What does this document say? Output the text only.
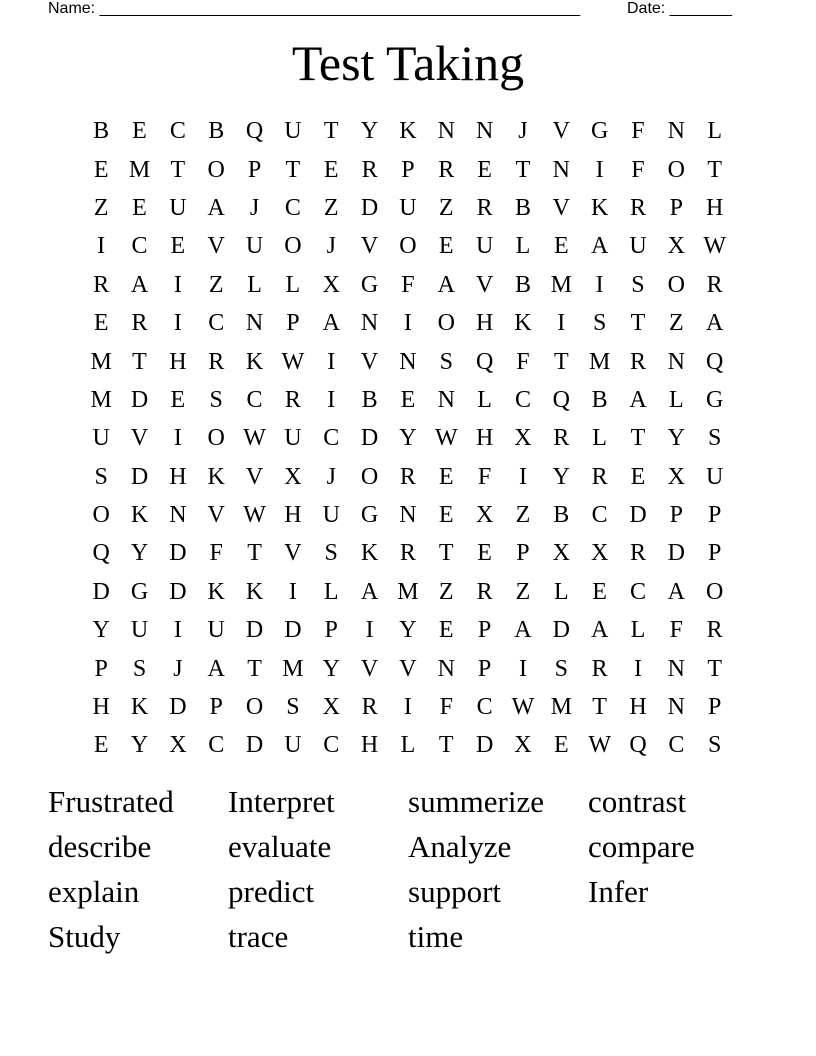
Name: ______________________________________________________	Date: _______
Test Taking
B E C B Q U T Y K N N	J	V G F N L
E M T O P	T E R P R E T N	I	F O T
Z E U A	J	C Z D U Z R B V K R P H
I	C E V U O	J	V O E U L E A U X W
R A	I	Z L L X G F A V B M I	S O R
E R	I	C N P A N	I	O H K	I	S	T Z A
M T H R K W I	V N S Q F	T M R N Q
M D E	S C R	I	B E N L C Q B A L G
U V	I	O W U C D Y W H X R L T Y S
S D H K V X	J	O R E	F	I	Y R E X U
O K N V W H U G N E X Z B C D P	P
Q Y D F	T V S K R T E	P X X R D P
D G D K K	I	L A M Z R Z L E C A O
Y U	I	U D D P	I	Y E	P A D A L	F R
P	S	J	A T M Y V V N P	I	S R	I	N T
H K D P O S X R	I	F C W M T H N P
E Y X C D U C H L T D X E W Q C S
Frustrated	Interpret	summerize	contrast
describe	evaluate	Analyze	compare
explain	predict	support	Infer
Study	trace	time
